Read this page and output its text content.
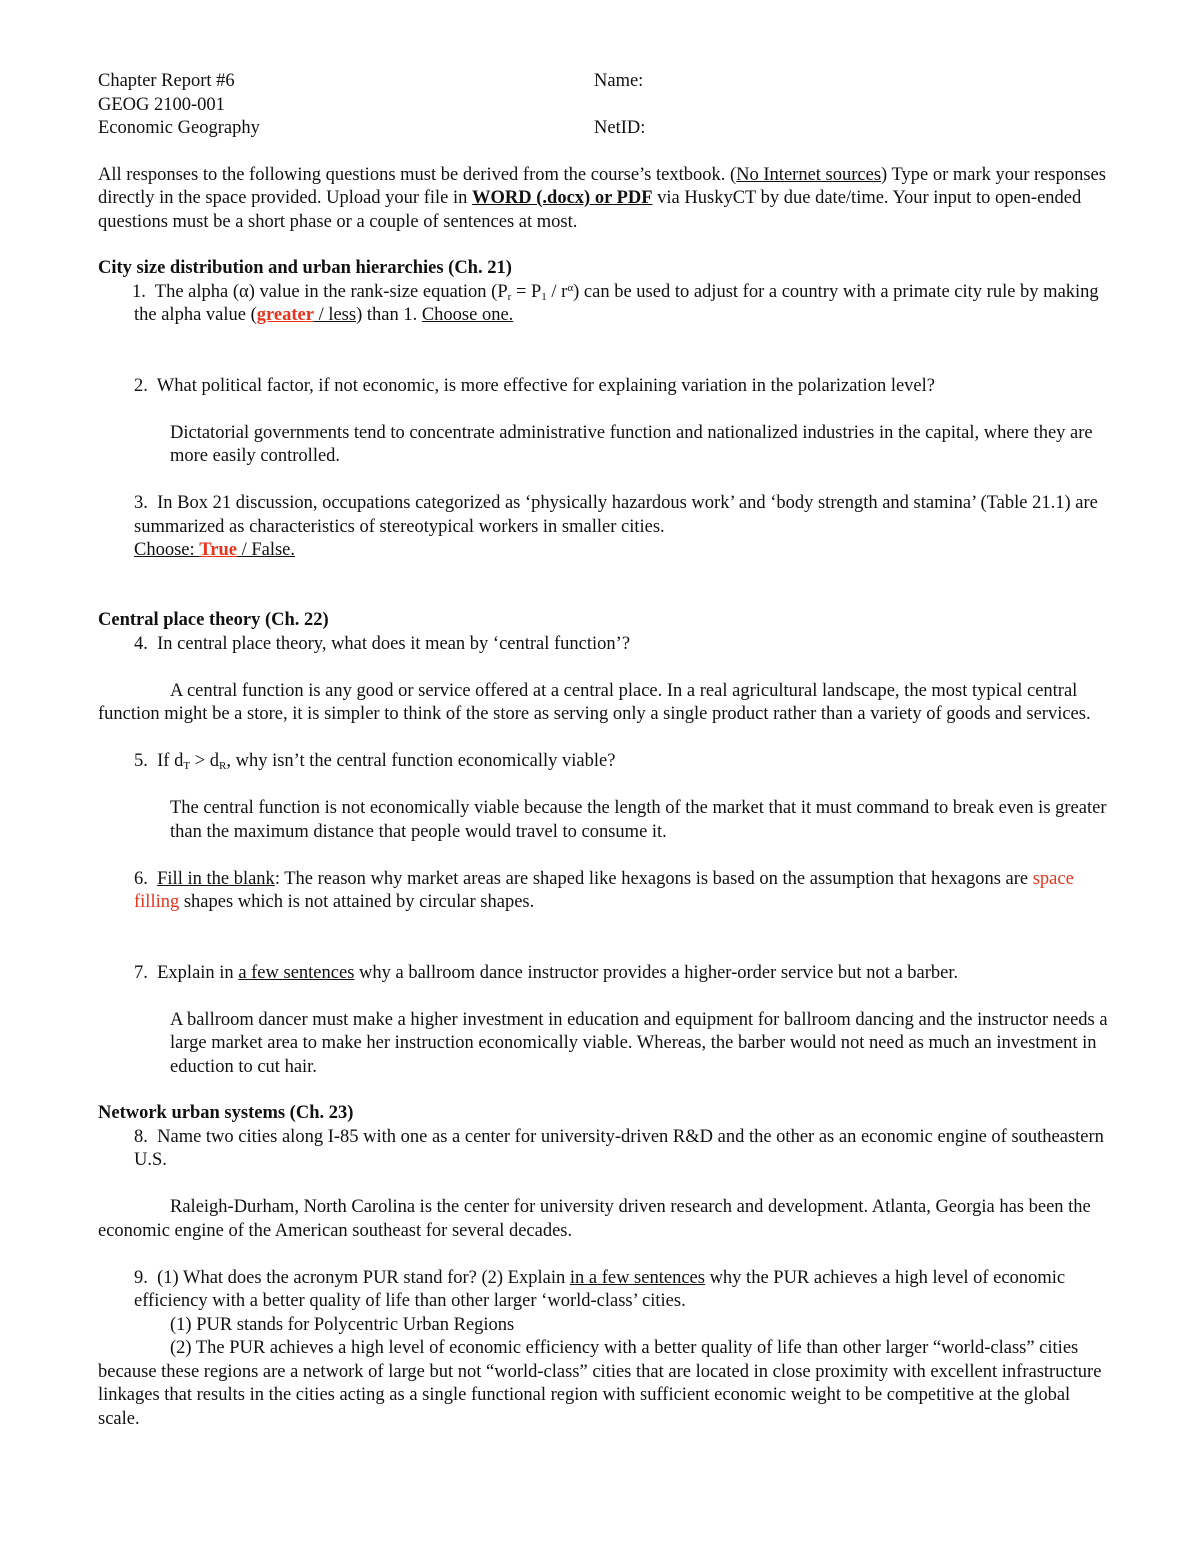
Chapter Report #6	Name:
GEOG 2100-001
Economic Geography	NetID:

All responses to the following questions must be derived from the course’s textbook. (No Internet sources) Type or mark your responses directly in the space provided. Upload your file in WORD (.docx) or PDF via HuskyCT by due date/time. Your input to open-ended questions must be a short phase or a couple of sentences at most.

City size distribution and urban hierarchies (Ch. 21)

1. The alpha (α) value in the rank-size equation $(P_r = P_1 / r^\alpha)$ can be used to adjust for a country with a primate city rule by making the alpha value (greater / less) than 1. Choose one.

2. What political factor, if not economic, is more effective for explaining variation in the polarization level?

Dictatorial governments tend to concentrate administrative function and nationalized industries in the capital, where they are more easily controlled.

3. In Box 21 discussion, occupations categorized as ‘physically hazardous work’ and ‘body strength and stamina’ (Table 21.1) are summarized as characteristics of stereotypical workers in smaller cities.
Choose: True / False.

Central place theory (Ch. 22)

4. In central place theory, what does it mean by ‘central function’?

A central function is any good or service offered at a central place. In a real agricultural landscape, the most typical central function might be a store, it is simpler to think of the store as serving only a single product rather than a variety of goods and services.

5. If $d_T > d_R$, why isn’t the central function economically viable?

The central function is not economically viable because the length of the market that it must command to break even is greater than the maximum distance that people would travel to consume it.

6. Fill in the blank: The reason why market areas are shaped like hexagons is based on the assumption that hexagons are space filling shapes which is not attained by circular shapes.

7. Explain in a few sentences why a ballroom dance instructor provides a higher-order service but not a barber.

A ballroom dancer must make a higher investment in education and equipment for ballroom dancing and the instructor needs a large market area to make her instruction economically viable. Whereas, the barber would not need as much an investment in eduction to cut hair.

Network urban systems (Ch. 23)

8. Name two cities along I-85 with one as a center for university-driven R&D and the other as an economic engine of southeastern U.S.

Raleigh-Durham, North Carolina is the center for university driven research and development. Atlanta, Georgia has been the economic engine of the American southeast for several decades.

9. (1) What does the acronym PUR stand for? (2) Explain in a few sentences why the PUR achieves a high level of economic efficiency with a better quality of life than other larger ‘world-class’ cities.

(1) PUR stands for Polycentric Urban Regions

(2) The PUR achieves a high level of economic efficiency with a better quality of life than other larger “world-class” cities because these regions are a network of large but not “world-class” cities that are located in close proximity with excellent infrastructure linkages that results in the cities acting as a single functional region with sufficient economic weight to be competitive at the global scale.
